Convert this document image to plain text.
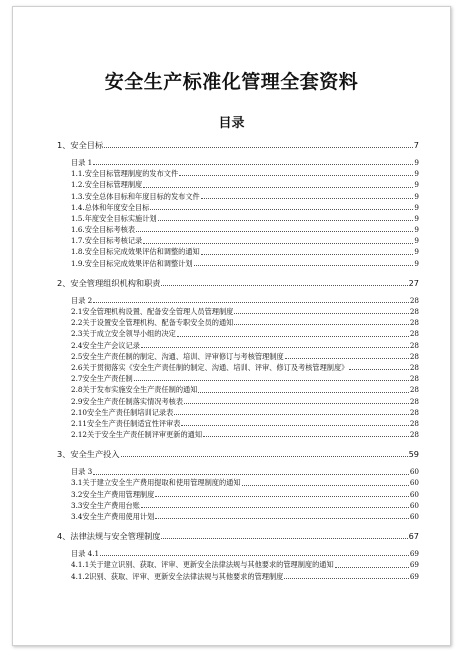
安全生产标准化管理全套资料
目录
1、安全目标	7
目录 1	9
1.1.安全目标管理制度的发布文件	9
1.2.安全目标管理制度	9
1.3.安全总体目标和年度目标的发布文件	9
1.4.总体和年度安全目标	9
1.5.年度安全目标实施计划	9
1.6.安全目标考核表	9
1.7.安全目标考核记录	9
1.8.安全目标完成效果评估和调整的通知	9
1.9.安全目标完成效果评估和调整计划	9
2、安全管理组织机构和职责	27
目录 2	28
2.1安全管理机构设置、配备安全管理人员管理制度	28
2.2关于设置安全管理机构、配备专职安全员的通知	28
2.3关于成立安全领导小组的决定	28
2.4安全生产会议记录	28
2.5安全生产责任制的制定、沟通、培训、评审修订与考核管理制度	28
2.6关于贯彻落实《安全生产责任制的制定、沟通、培训、评审、修订及考核管理制度》	28
2.7安全生产责任制	28
2.8关于发布实施安全生产责任制的通知	28
2.9安全生产责任制落实情况考核表	28
2.10安全生产责任制培训记录表	28
2.11安全生产责任制适宜性评审表	28
2.12关于安全生产责任制评审更新的通知	28
3、安全生产投入	59
目录 3	60
3.1关于建立安全生产费用提取和使用管理制度的通知	60
3.2安全生产费用管理制度	60
3.3安全生产费用台账	60
3.4安全生产费用使用计划	60
4、法律法规与安全管理制度	67
目录 4.1	69
4.1.1关于建立识别、获取、评审、更新安全法律法规与其他要求的管理制度的通知	69
4.1.2识别、获取、评审、更新安全法律法规与其他要求的管理制度	69
